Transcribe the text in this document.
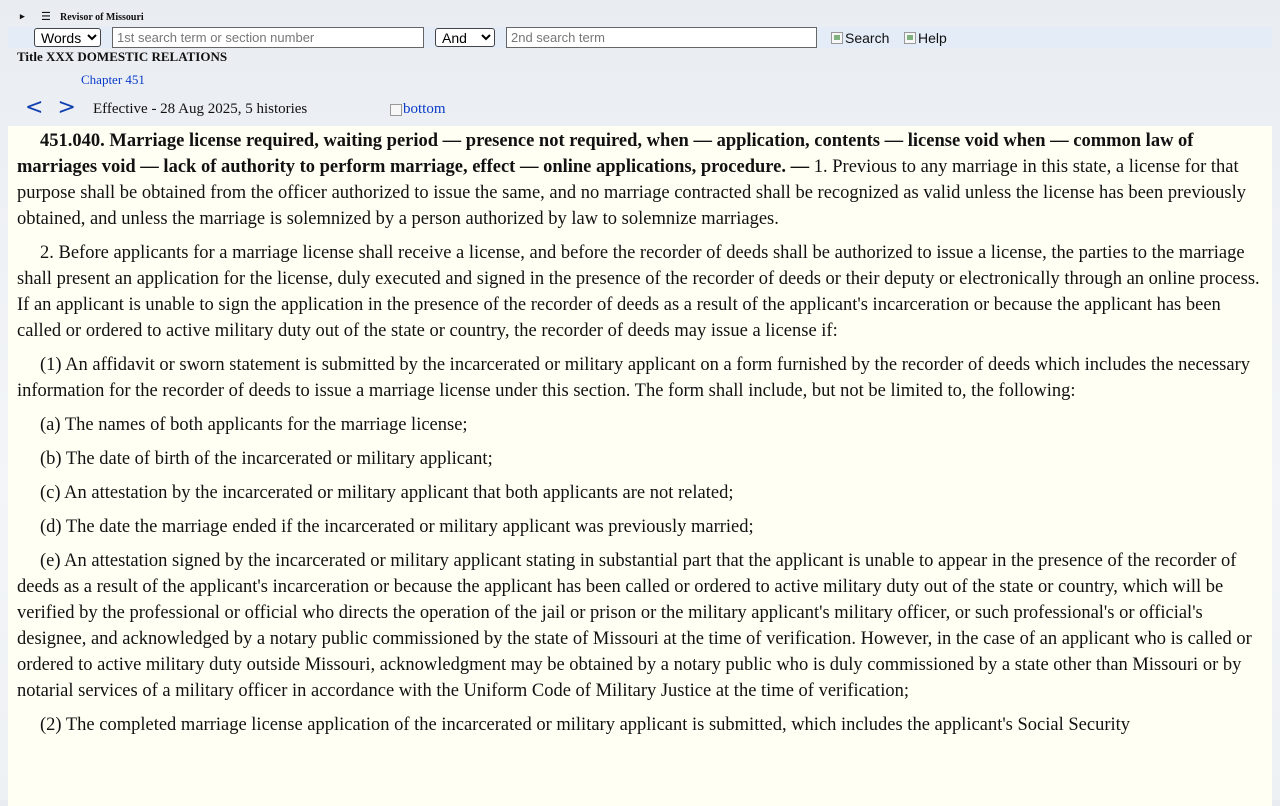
▸ ☰ Revisor of Missouri
Words
1st search term or section number
And
2nd search term
Search Help
Title XXX DOMESTIC RELATIONS
Chapter 451
< >	Effective - 28 Aug 2025, 5 histories	bottom

451.040. Marriage license required, waiting period — presence not required, when — application, contents — license void when — common law of marriages void — lack of authority to perform marriage, effect — online applications, procedure. — 1. Previous to any marriage in this state, a license for that purpose shall be obtained from the officer authorized to issue the same, and no marriage contracted shall be recognized as valid unless the license has been previously obtained, and unless the marriage is solemnized by a person authorized by law to solemnize marriages.

2. Before applicants for a marriage license shall receive a license, and before the recorder of deeds shall be authorized to issue a license, the parties to the marriage shall present an application for the license, duly executed and signed in the presence of the recorder of deeds or their deputy or electronically through an online process. If an applicant is unable to sign the application in the presence of the recorder of deeds as a result of the applicant's incarceration or because the applicant has been called or ordered to active military duty out of the state or country, the recorder of deeds may issue a license if:

(1) An affidavit or sworn statement is submitted by the incarcerated or military applicant on a form furnished by the recorder of deeds which includes the necessary information for the recorder of deeds to issue a marriage license under this section. The form shall include, but not be limited to, the following:

(a) The names of both applicants for the marriage license;

(b) The date of birth of the incarcerated or military applicant;

(c) An attestation by the incarcerated or military applicant that both applicants are not related;

(d) The date the marriage ended if the incarcerated or military applicant was previously married;

(e) An attestation signed by the incarcerated or military applicant stating in substantial part that the applicant is unable to appear in the presence of the recorder of deeds as a result of the applicant's incarceration or because the applicant has been called or ordered to active military duty out of the state or country, which will be verified by the professional or official who directs the operation of the jail or prison or the military applicant's military officer, or such professional's or official's designee, and acknowledged by a notary public commissioned by the state of Missouri at the time of verification. However, in the case of an applicant who is called or ordered to active military duty outside Missouri, acknowledgment may be obtained by a notary public who is duly commissioned by a state other than Missouri or by notarial services of a military officer in accordance with the Uniform Code of Military Justice at the time of verification;

(2) The completed marriage license application of the incarcerated or military applicant is submitted, which includes the applicant's Social Security
